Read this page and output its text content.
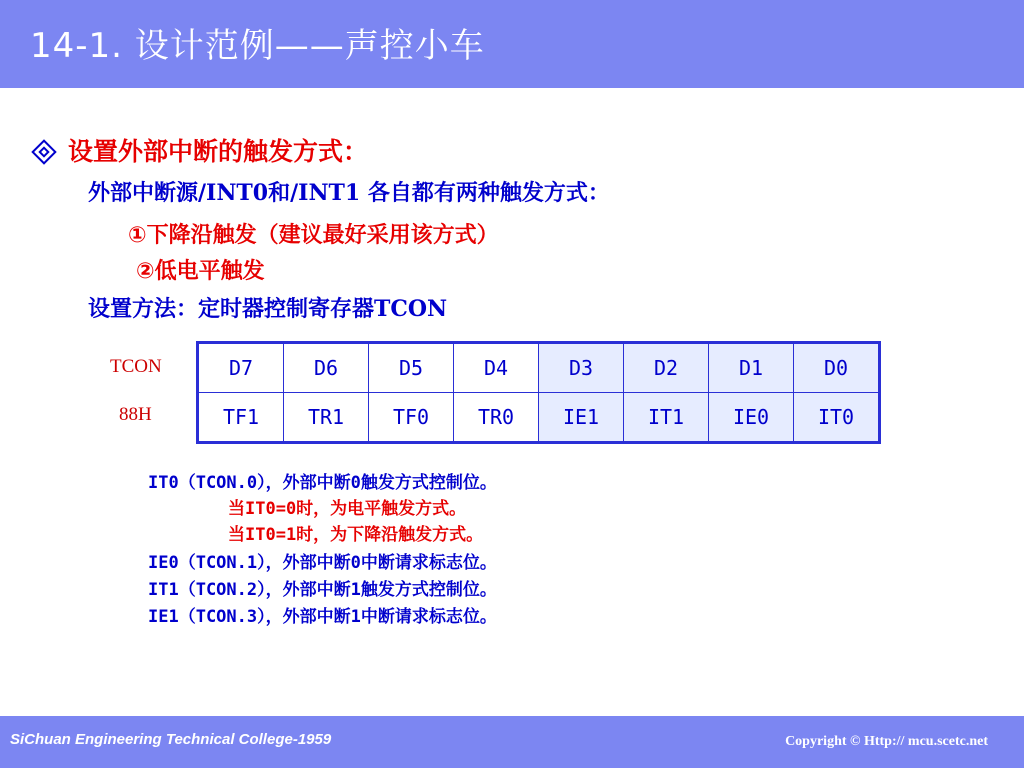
14-1. 设计范例——声控小车
设置外部中断的触发方式：
外部中断源/INT0和/INT1 各自都有两种触发方式：
①下降沿触发（建议最好采用该方式）
②低电平触发
设置方法：定时器控制寄存器TCON
TCON
88H
D7	D6	D5	D4	D3	D2	D1	D0
TF1	TR1	TF0	TR0	IE1	IT1	IE0	IT0
IT0（TCON.0），外部中断0触发方式控制位。
当IT0=0时，为电平触发方式。
当IT0=1时，为下降沿触发方式。
IE0（TCON.1），外部中断0中断请求标志位。
IT1（TCON.2），外部中断1触发方式控制位。
IE1（TCON.3），外部中断1中断请求标志位。
SiChuan Engineering Technical College-1959	Copyright © Http:// mcu.scetc.net
